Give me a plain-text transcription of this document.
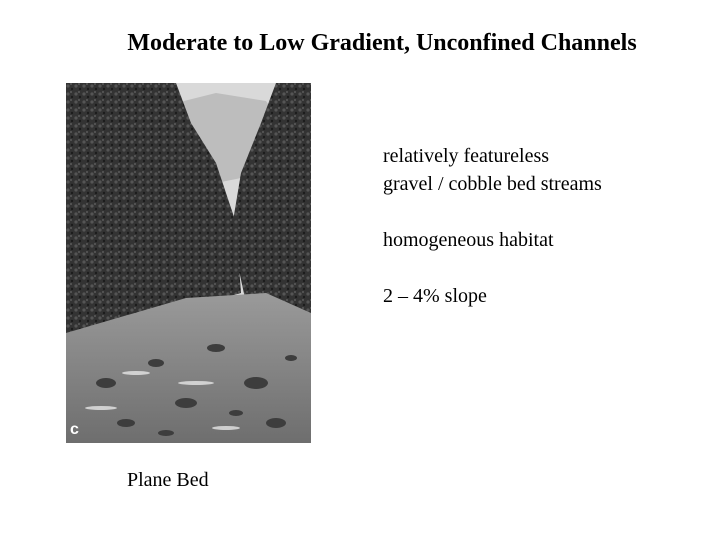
Moderate to Low Gradient, Unconfined Channels
c
relatively featureless
gravel / cobble bed streams
homogeneous habitat
2 – 4% slope
Plane Bed
